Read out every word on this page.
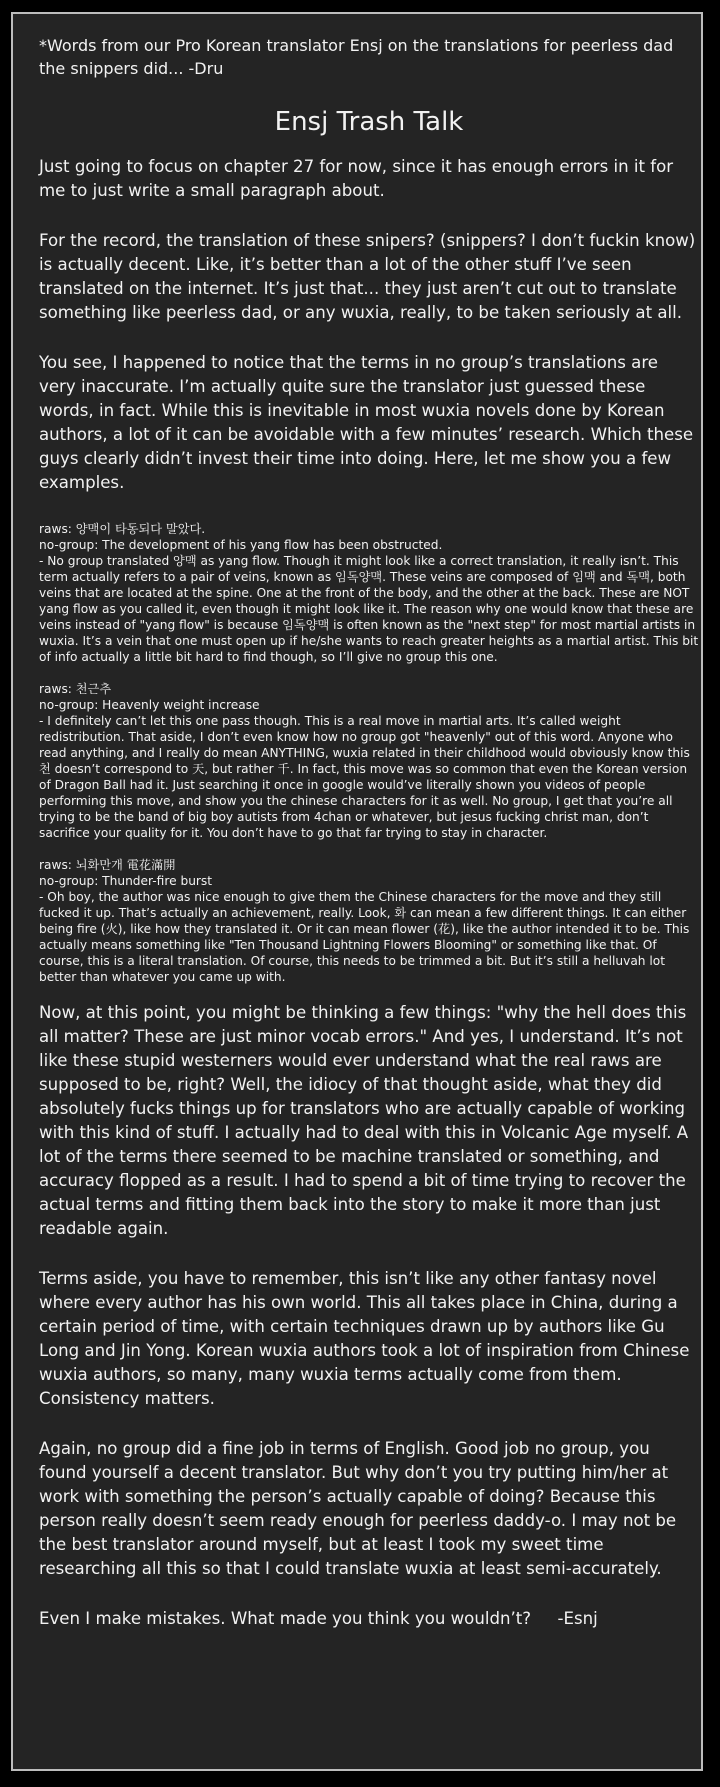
*Words from our Pro Korean translator Ensj on the translations for peerless dad the snippers did... -Dru

Ensj Trash Talk

Just going to focus on chapter 27 for now, since it has enough errors in it for me to just write a small paragraph about.

For the record, the translation of these snipers? (snippers? I don’t fuckin know) is actually decent. Like, it’s better than a lot of the other stuff I’ve seen translated on the internet. It’s just that... they just aren’t cut out to translate something like peerless dad, or any wuxia, really, to be taken seriously at all.

You see, I happened to notice that the terms in no group’s translations are very inaccurate. I’m actually quite sure the translator just guessed these words, in fact. While this is inevitable in most wuxia novels done by Korean authors, a lot of it can be avoidable with a few minutes’ research. Which these guys clearly didn’t invest their time into doing. Here, let me show you a few examples.

raws: 양맥이 타동되다 말았다.

no-group: The development of his yang flow has been obstructed.

- No group translated 양맥 as yang flow. Though it might look like a correct translation, it really isn’t. This term actually refers to a pair of veins, known as 임독양맥. These veins are composed of 임맥 and 독맥, both veins that are located at the spine. One at the front of the body, and the other at the back. These are NOT yang flow as you called it, even though it might look like it. The reason why one would know that these are veins instead of "yang flow" is because 임독양맥 is often known as the "next step" for most martial artists in wuxia. It’s a vein that one must open up if he/she wants to reach greater heights as a martial artist. This bit of info actually a little bit hard to find though, so I’ll give no group this one.

raws: 천근추

no-group: Heavenly weight increase

- I definitely can’t let this one pass though. This is a real move in martial arts. It’s called weight redistribution. That aside, I don’t even know how no group got "heavenly" out of this word. Anyone who read anything, and I really do mean ANYTHING, wuxia related in their childhood would obviously know this 천 doesn’t correspond to 天, but rather 千. In fact, this move was so common that even the Korean version of Dragon Ball had it. Just searching it once in google would’ve literally shown you videos of people performing this move, and show you the chinese characters for it as well. No group, I get that you’re all trying to be the band of big boy autists from 4chan or whatever, but jesus fucking christ man, don’t sacrifice your quality for it. You don’t have to go that far trying to stay in character.

raws: 뇌화만개 電花滿開

no-group: Thunder-fire burst

- Oh boy, the author was nice enough to give them the Chinese characters for the move and they still fucked it up. That’s actually an achievement, really. Look, 화 can mean a few different things. It can either being fire (火), like how they translated it. Or it can mean flower (花), like the author intended it to be. This actually means something like "Ten Thousand Lightning Flowers Blooming" or something like that. Of course, this is a literal translation. Of course, this needs to be trimmed a bit. But it’s still a helluvah lot better than whatever you came up with.

Now, at this point, you might be thinking a few things: "why the hell does this all matter? These are just minor vocab errors." And yes, I understand. It’s not like these stupid westerners would ever understand what the real raws are supposed to be, right? Well, the idiocy of that thought aside, what they did absolutely fucks things up for translators who are actually capable of working with this kind of stuff. I actually had to deal with this in Volcanic Age myself. A lot of the terms there seemed to be machine translated or something, and accuracy flopped as a result. I had to spend a bit of time trying to recover the actual terms and fitting them back into the story to make it more than just readable again.

Terms aside, you have to remember, this isn’t like any other fantasy novel where every author has his own world. This all takes place in China, during a certain period of time, with certain techniques drawn up by authors like Gu Long and Jin Yong. Korean wuxia authors took a lot of inspiration from Chinese wuxia authors, so many, many wuxia terms actually come from them. Consistency matters.

Again, no group did a fine job in terms of English. Good job no group, you found yourself a decent translator. But why don’t you try putting him/her at work with something the person’s actually capable of doing? Because this person really doesn’t seem ready enough for peerless daddy-o. I may not be the best translator around myself, but at least I took my sweet time researching all this so that I could translate wuxia at least semi-accurately.

Even I make mistakes. What made you think you wouldn’t?     -Esnj
